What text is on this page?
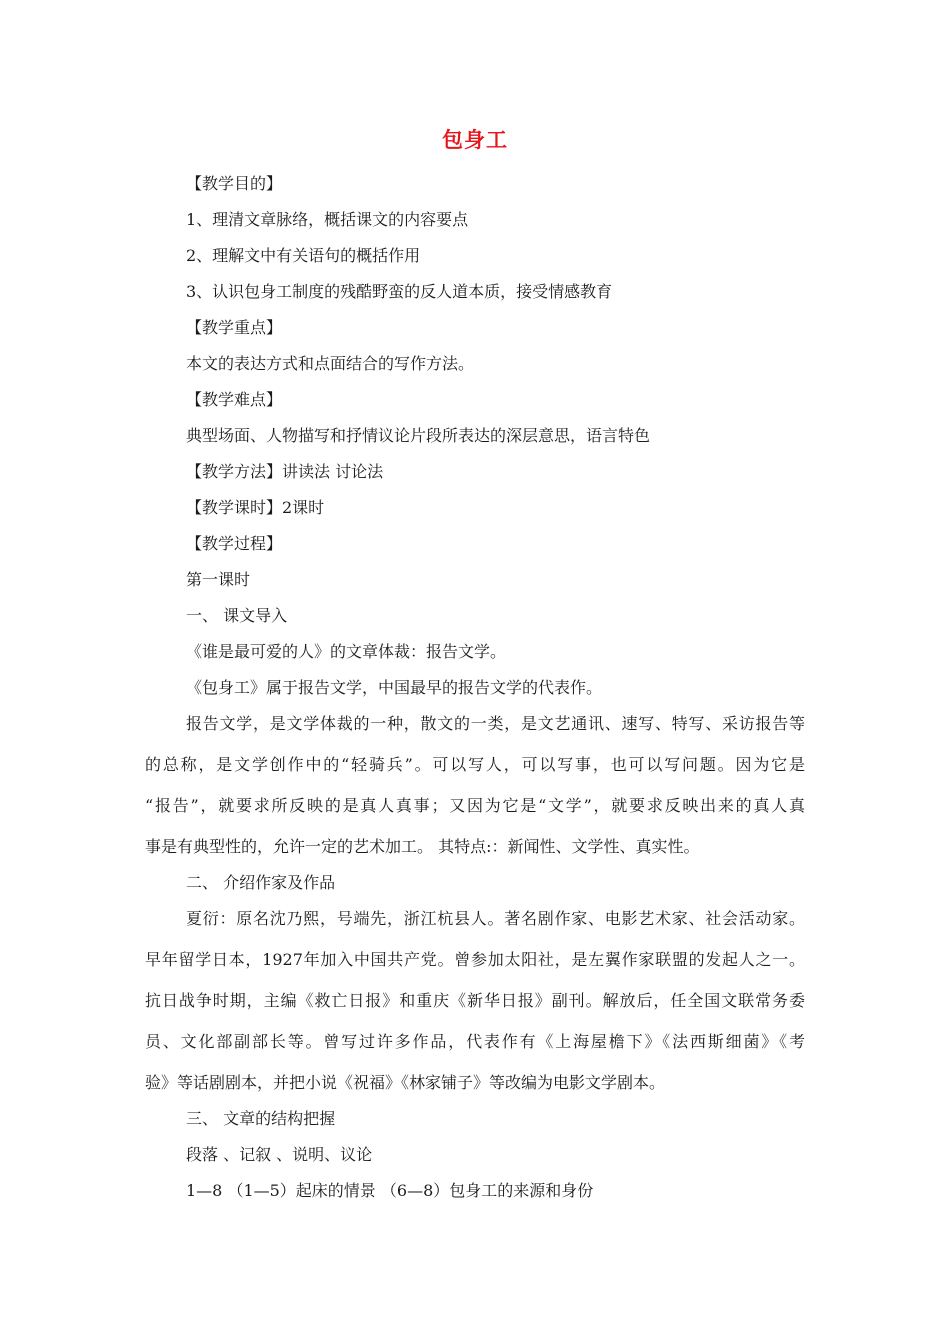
包身工
【教学目的】
1、理清文章脉络，概括课文的内容要点
2、理解文中有关语句的概括作用
3、认识包身工制度的残酷野蛮的反人道本质，接受情感教育
【教学重点】
本文的表达方式和点面结合的写作方法。
【教学难点】
典型场面、人物描写和抒情议论片段所表达的深层意思，语言特色
【教学方法】讲读法 讨论法
【教学课时】2课时
【教学过程】
第一课时
一、 课文导入
《谁是最可爱的人》的文章体裁：报告文学。
《包身工》属于报告文学，中国最早的报告文学的代表作。
报告文学，是文学体裁的一种，散文的一类，是文艺通讯、速写、特写、采访报告等
的总称，是文学创作中的“轻骑兵”。可以写人，可以写事，也可以写问题。因为它是
“报告”，就要求所反映的是真人真事；又因为它是“文学”，就要求反映出来的真人真
事是有典型性的，允许一定的艺术加工。 其特点:：新闻性、文学性、真实性。
二、 介绍作家及作品
夏衍：原名沈乃熙，号端先，浙江杭县人。著名剧作家、电影艺术家、社会活动家。
早年留学日本，1927年加入中国共产党。曾参加太阳社，是左翼作家联盟的发起人之一。
抗日战争时期，主编《救亡日报》和重庆《新华日报》副刊。解放后，任全国文联常务委
员、文化部副部长等。曾写过许多作品，代表作有《上海屋檐下》《法西斯细菌》《考
验》等话剧剧本，并把小说《祝福》《林家铺子》等改编为电影文学剧本。
三、 文章的结构把握
段落 、记叙 、说明、议论
1—8 （1—5）起床的情景 （6—8）包身工的来源和身份
